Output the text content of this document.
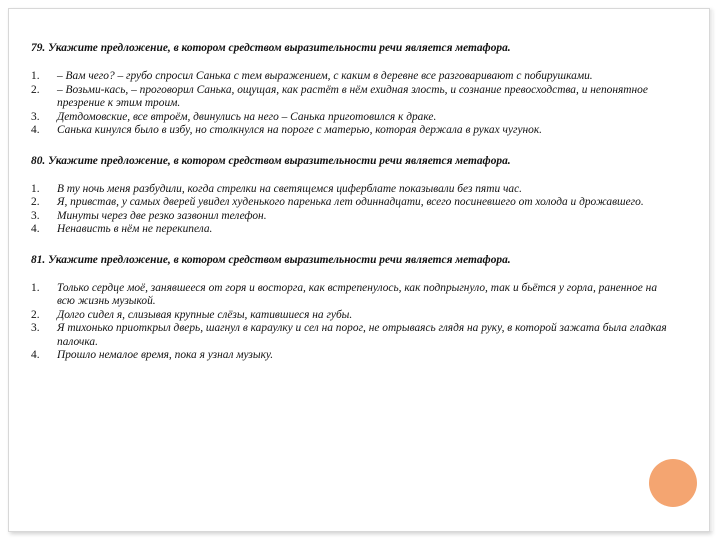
79. Укажите предложение, в котором средством выразительности речи является метафора.

1.	– Вам чего? – грубо спросил Санька с тем выражением, с каким в деревне все разговаривают с побирушками.
2.	– Возьми-кась, – проговорил Санька, ощущая, как растёт в нём ехидная злость, и сознание превосходства, и непонятное презрение к этим троим.
3.	Детдомовские, все втроём, двинулись на него – Санька приготовился к драке.
4.	Санька кинулся было в избу, но столкнулся на пороге с матерью, которая держала в руках чугунок.

80. Укажите предложение, в котором средством выразительности речи является метафора.

1.	В ту ночь меня разбудили, когда стрелки на светящемся циферблате показывали без пяти час.
2.	Я, привстав, у самых дверей увидел худенького паренька лет одиннадцати, всего посиневшего от холода и дрожавшего.
3.	Минуты через две резко зазвонил телефон.
4.	Ненависть в нём не перекипела.

81. Укажите предложение, в котором средством выразительности речи является метафора.

1.	Только сердце моё, занявшееся от горя и восторга, как встрепенулось, как подпрыгнуло, так и бьётся у горла, раненное на всю жизнь музыкой.
2.	Долго сидел я, слизывая крупные слёзы, катившиеся на губы.
3.	Я тихонько приоткрыл дверь, шагнул в караулку и сел на порог, не отрываясь глядя на руку, в которой зажата была гладкая палочка.
4.	Прошло немалое время, пока я узнал музыку.
